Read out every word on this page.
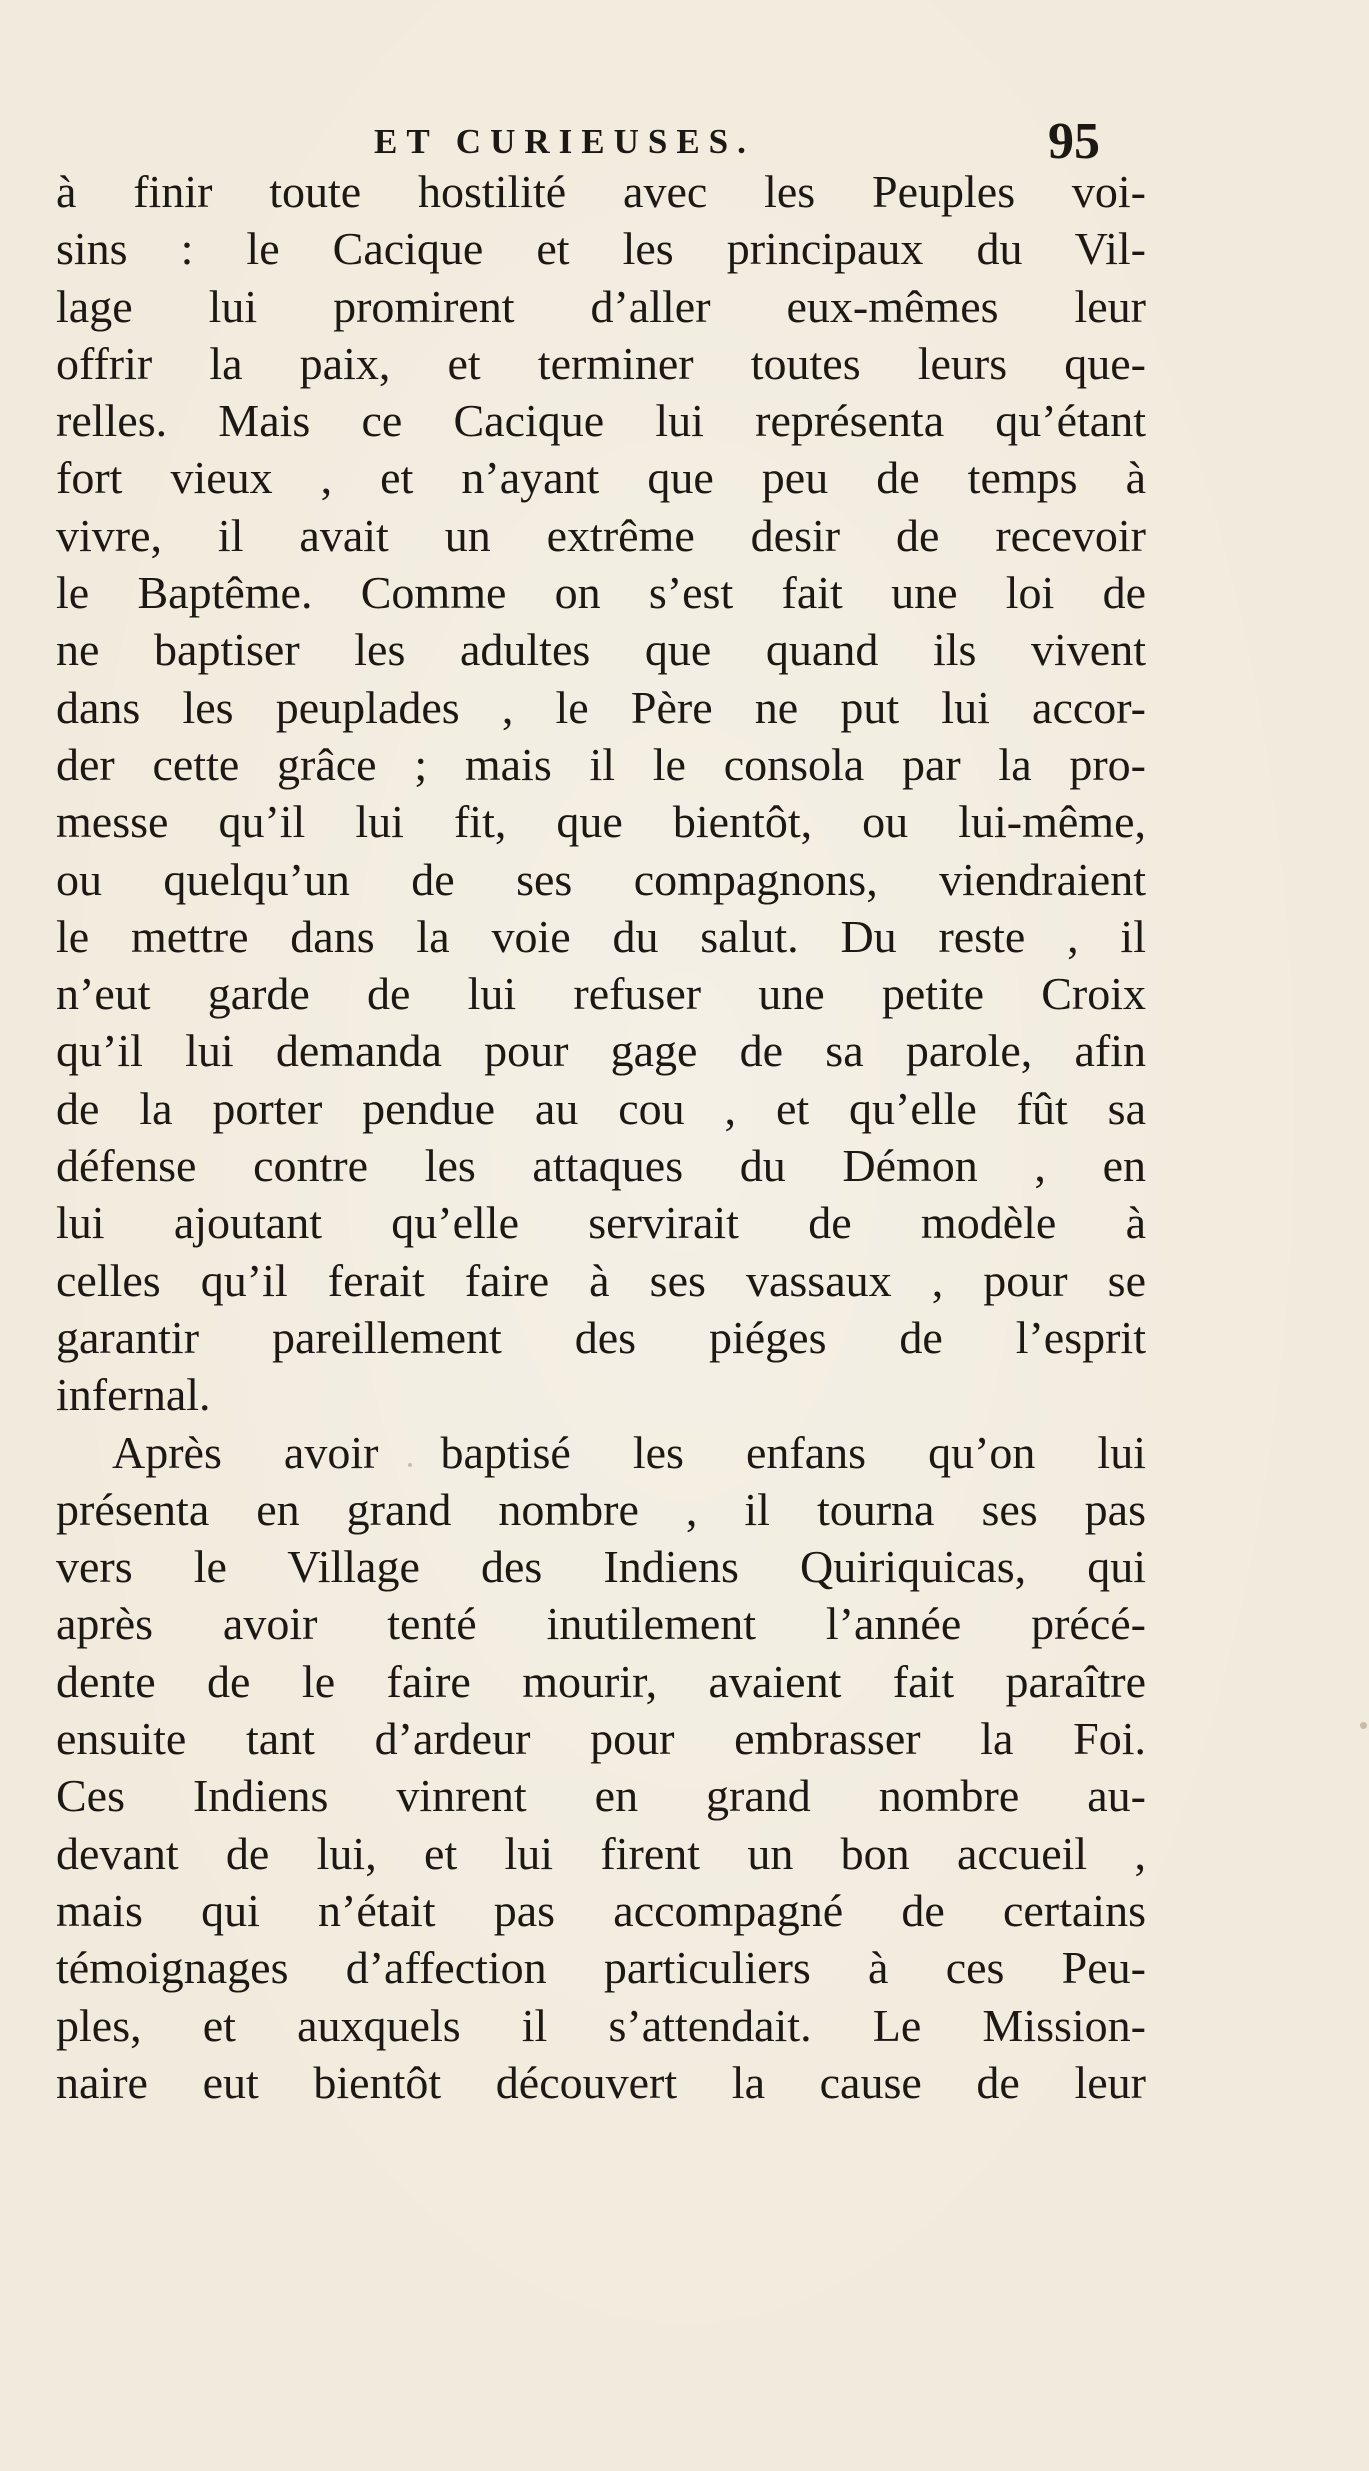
ET CURIEUSES.	95
à finir toute hostilité avec les Peuples voi-
sins : le Cacique et les principaux du Vil-
lage lui promirent d’aller eux-mêmes leur
offrir la paix, et terminer toutes leurs que-
relles. Mais ce Cacique lui représenta qu’étant
fort vieux , et n’ayant que peu de temps à
vivre, il avait un extrême desir de recevoir
le Baptême. Comme on s’est fait une loi de
ne baptiser les adultes que quand ils vivent
dans les peuplades , le Père ne put lui accor-
der cette grâce ; mais il le consola par la pro-
messe qu’il lui fit, que bientôt, ou lui-même,
ou quelqu’un de ses compagnons, viendraient
le mettre dans la voie du salut. Du reste , il
n’eut garde de lui refuser une petite Croix
qu’il lui demanda pour gage de sa parole, afin
de la porter pendue au cou , et qu’elle fût sa
défense contre les attaques du Démon , en
lui ajoutant qu’elle servirait de modèle à
celles qu’il ferait faire à ses vassaux , pour se
garantir pareillement des piéges de l’esprit
infernal.
Après avoir baptisé les enfans qu’on lui
présenta en grand nombre , il tourna ses pas
vers le Village des Indiens Quiriquicas, qui
après avoir tenté inutilement l’année précé-
dente de le faire mourir, avaient fait paraître
ensuite tant d’ardeur pour embrasser la Foi.
Ces Indiens vinrent en grand nombre au-
devant de lui, et lui firent un bon accueil ,
mais qui n’était pas accompagné de certains
témoignages d’affection particuliers à ces Peu-
ples, et auxquels il s’attendait. Le Mission-
naire eut bientôt découvert la cause de leur
